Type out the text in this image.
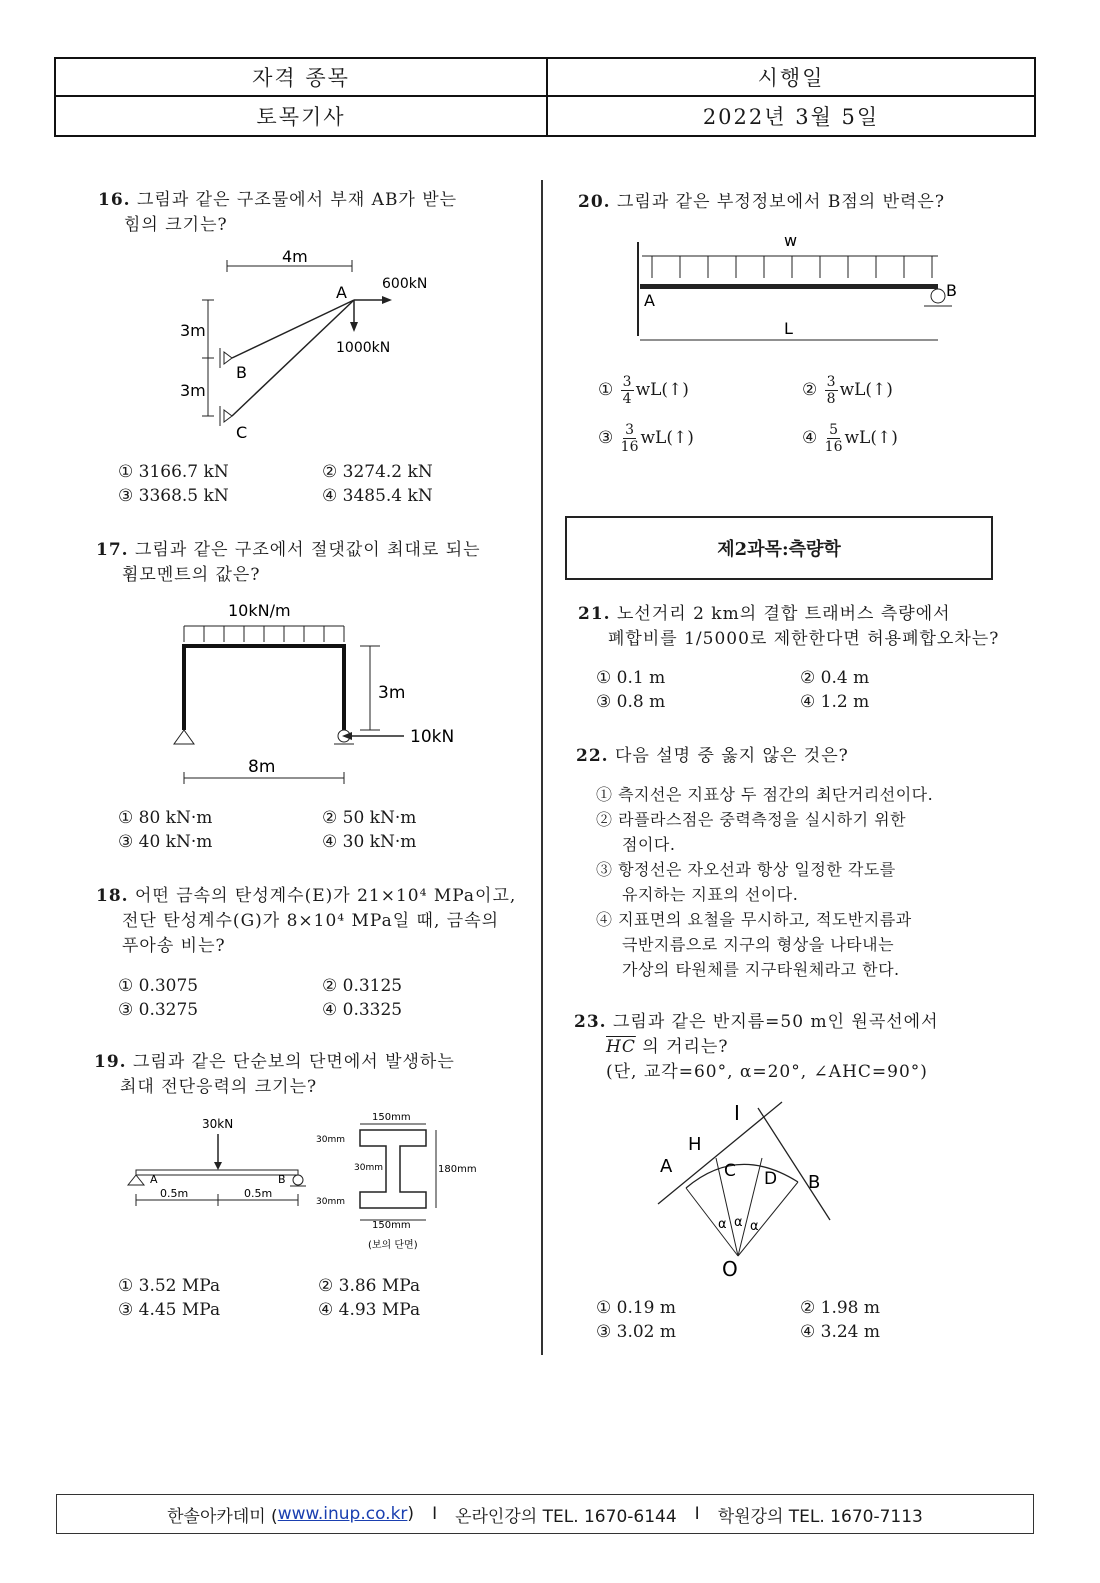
자격 종목	시행일
토목기사	2022년 3월 5일
16. 그림과 같은 구조물에서 부재 AB가 받는
힘의 크기는?
4m
A	600kN
1000kN
3m
3m
B
C
① 3166.7 kN	② 3274.2 kN
③ 3368.5 kN	④ 3485.4 kN
17. 그림과 같은 구조에서 절댓값이 최대로 되는
휨모멘트의 값은?
10kN/m
3m
10kN
8m
① 80 kN·m	② 50 kN·m
③ 40 kN·m	④ 30 kN·m
18. 어떤 금속의 탄성계수(E)가 21×10⁴ MPa이고,
전단 탄성계수(G)가 8×10⁴ MPa일 때, 금속의
푸아송 비는?
① 0.3075	② 0.3125
③ 0.3275	④ 0.3325
19. 그림과 같은 단순보의 단면에서 발생하는
최대 전단응력의 크기는?
30kN
A	B
0.5m	0.5m
150mm
30mm
30mm
30mm
180mm
150mm
(보의 단면)
① 3.52 MPa	② 3.86 MPa
③ 4.45 MPa	④ 4.93 MPa
20. 그림과 같은 부정정보에서 B점의 반력은?
w
A
B
L
① $\frac{3}{4}$ wL(↑)	② $\frac{3}{8}$ wL(↑)
③ $\frac{3}{16}$ wL(↑)	④ $\frac{5}{16}$ wL(↑)
제2과목:측량학
21. 노선거리 2 km의 결합 트래버스 측량에서
폐합비를 1/5000로 제한한다면 허용폐합오차는?
① 0.1 m	② 0.4 m
③ 0.8 m	④ 1.2 m
22. 다음 설명 중 옳지 않은 것은?
① 측지선은 지표상 두 점간의 최단거리선이다.
② 라플라스점은 중력측정을 실시하기 위한
점이다.
③ 항정선은 자오선과 항상 일정한 각도를
유지하는 지표의 선이다.
④ 지표면의 요철을 무시하고, 적도반지름과
극반지름으로 지구의 형상을 나타내는
가상의 타원체를 지구타원체라고 한다.
23. 그림과 같은 반지름=50 m인 원곡선에서
$\overline{HC}$ 의 거리는?
(단, 교각=60°, α=20°, ∠AHC=90°)
I
H
A	C D B
α α α
O
① 0.19 m	② 1.98 m
③ 3.02 m	④ 3.24 m
한솔아카데미 ( www.inup.co.kr ) I 온라인강의 TEL. 1670-6144 I 학원강의 TEL. 1670-7113
